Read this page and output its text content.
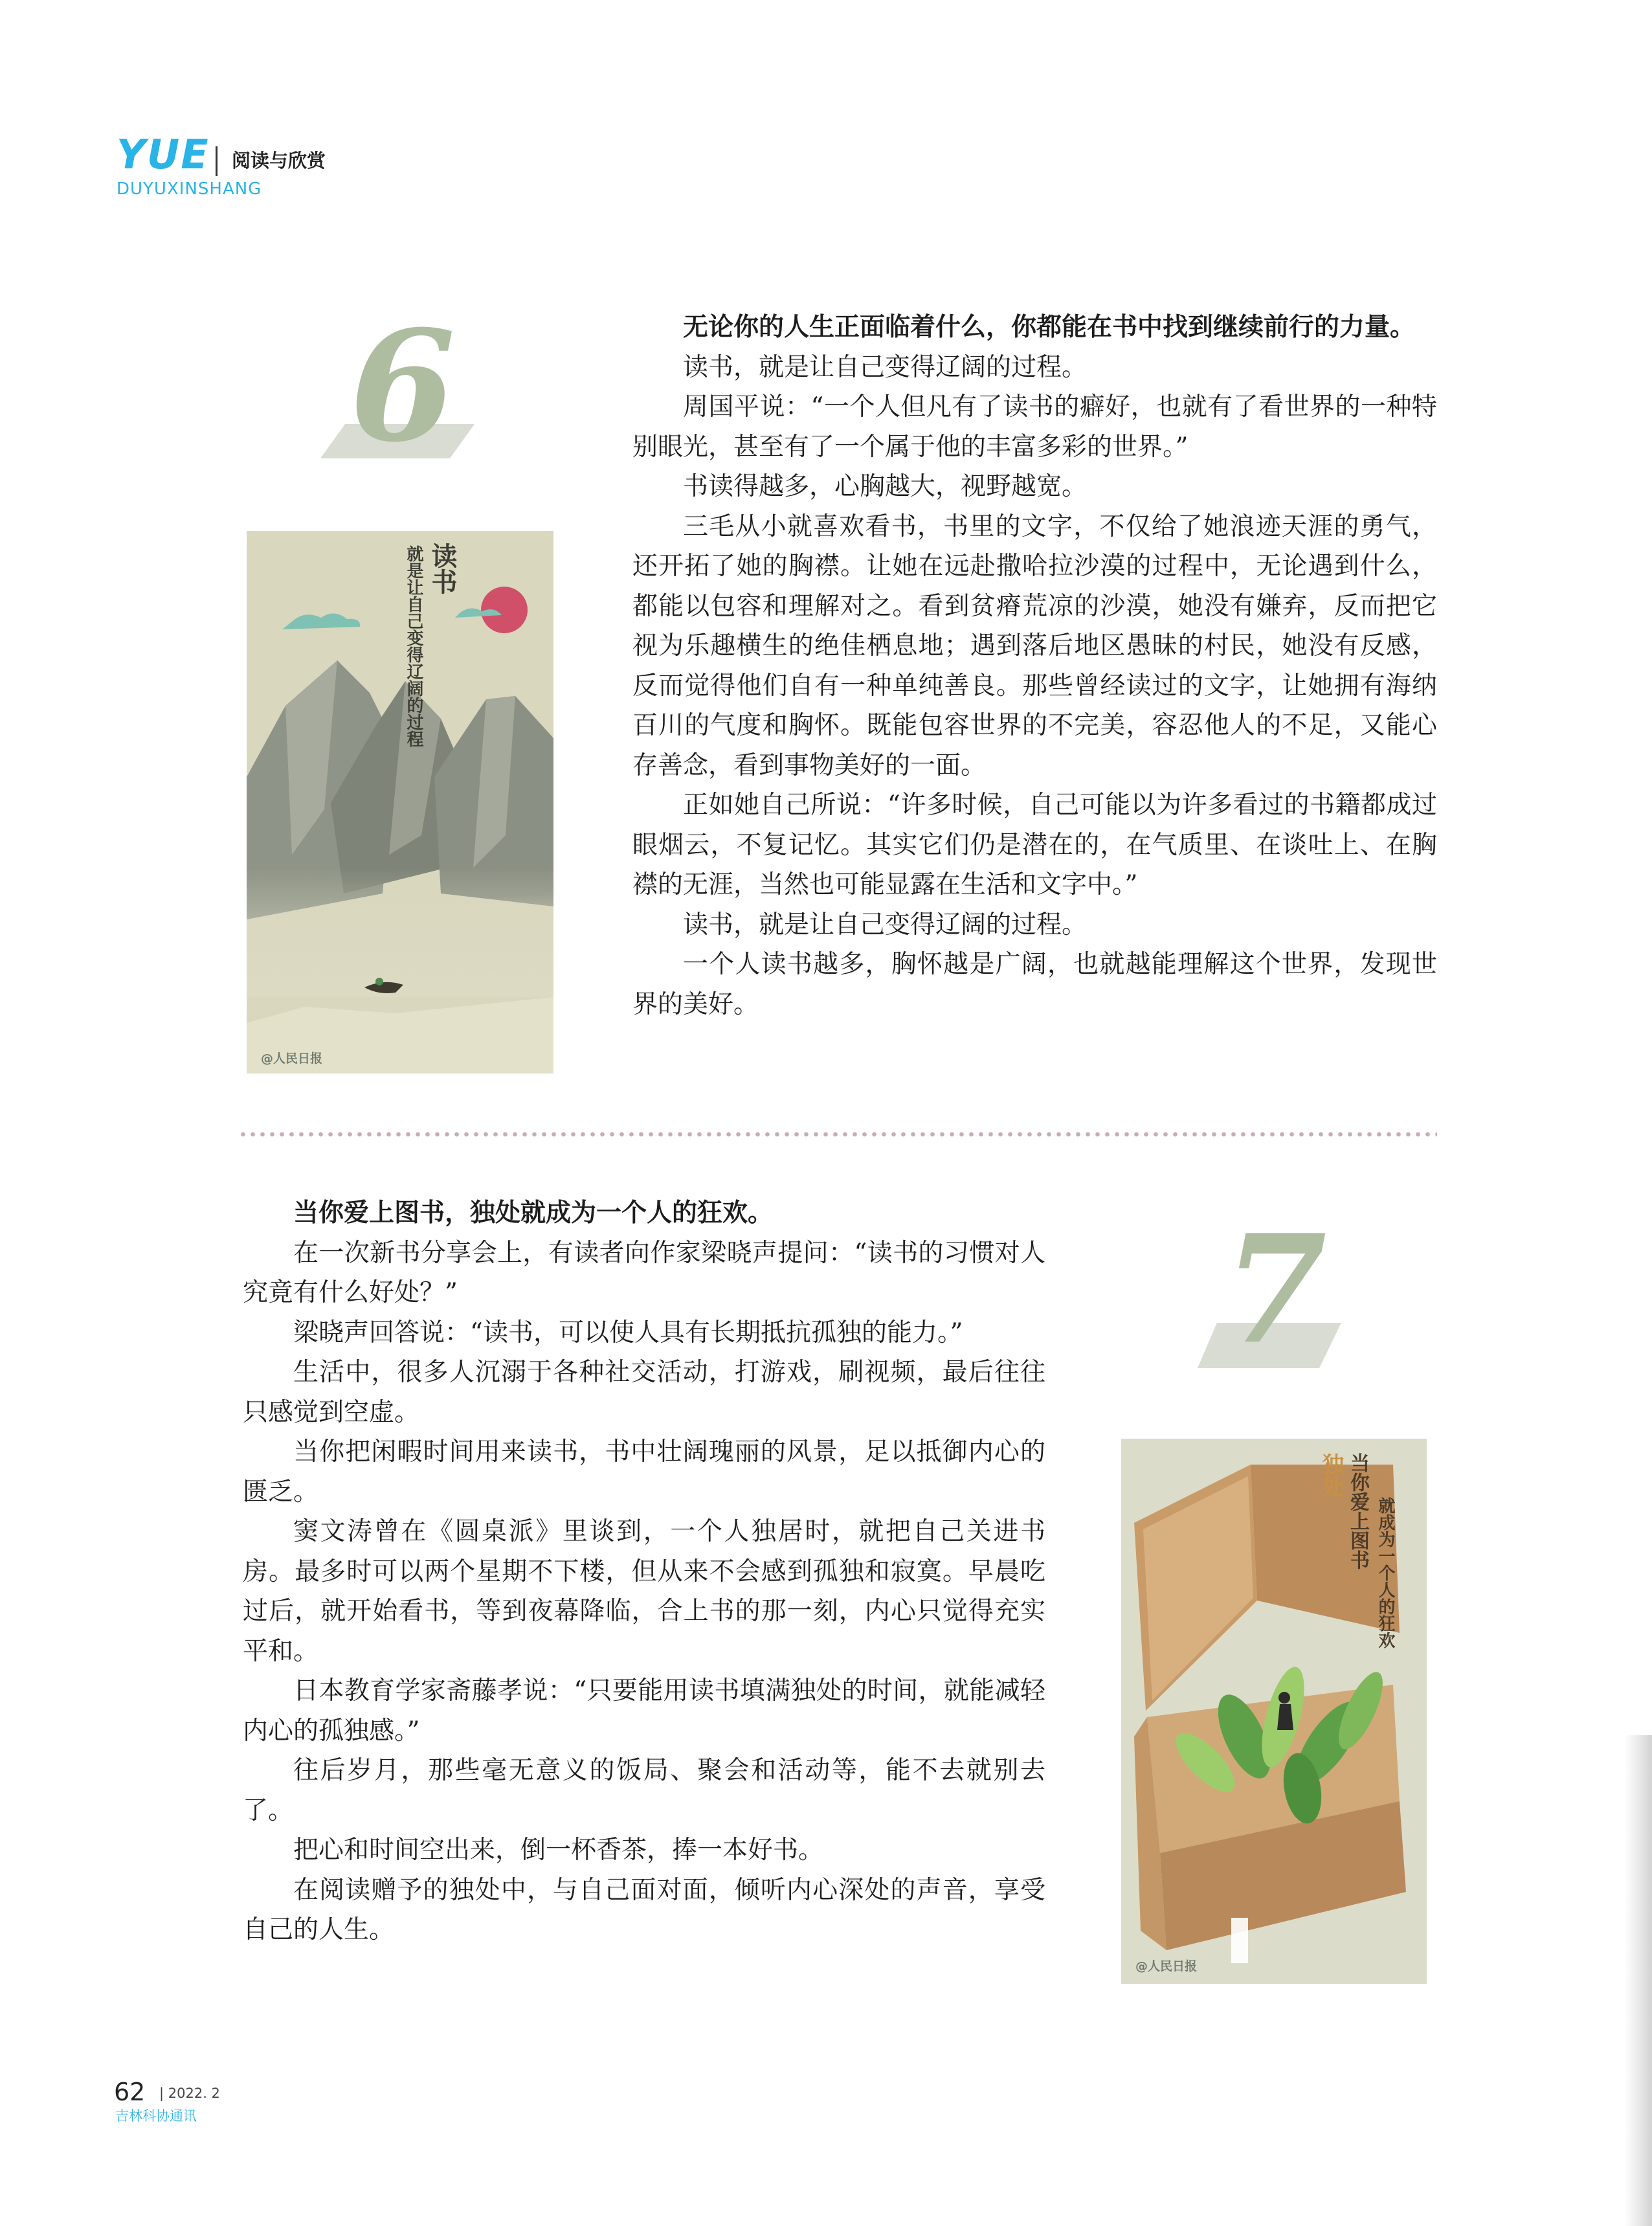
YUE 阅读与欣赏
DUYUXINSHANG
6
读书
就是让自己变得辽阔的过程
@人民日报

无论你的人生正面临着什么，你都能在书中找到继续前行的力量。

读书，就是让自己变得辽阔的过程。

周国平说：“一个人但凡有了读书的癖好，也就有了看世界的一种特别眼光，甚至有了一个属于他的丰富多彩的世界。”

书读得越多，心胸越大，视野越宽。

三毛从小就喜欢看书，书里的文字，不仅给了她浪迹天涯的勇气，还开拓了她的胸襟。让她在远赴撒哈拉沙漠的过程中，无论遇到什么，都能以包容和理解对之。看到贫瘠荒凉的沙漠，她没有嫌弃，反而把它视为乐趣横生的绝佳栖息地；遇到落后地区愚昧的村民，她没有反感，反而觉得他们自有一种单纯善良。那些曾经读过的文字，让她拥有海纳百川的气度和胸怀。既能包容世界的不完美，容忍他人的不足，又能心存善念，看到事物美好的一面。

正如她自己所说：“许多时候，自己可能以为许多看过的书籍都成过眼烟云，不复记忆。其实它们仍是潜在的，在气质里、在谈吐上、在胸襟的无涯，当然也可能显露在生活和文字中。”

读书，就是让自己变得辽阔的过程。

一个人读书越多，胸怀越是广阔，也就越能理解这个世界，发现世界的美好。

当你爱上图书，独处就成为一个人的狂欢。

在一次新书分享会上，有读者向作家梁晓声提问：“读书的习惯对人究竟有什么好处？”

梁晓声回答说：“读书，可以使人具有长期抵抗孤独的能力。”

生活中，很多人沉溺于各种社交活动，打游戏，刷视频，最后往往只感觉到空虚。

当你把闲暇时间用来读书，书中壮阔瑰丽的风景，足以抵御内心的匮乏。

窦文涛曾在《圆桌派》里谈到，一个人独居时，就把自己关进书房。最多时可以两个星期不下楼，但从来不会感到孤独和寂寞。早晨吃过后，就开始看书，等到夜幕降临，合上书的那一刻，内心只觉得充实平和。

日本教育学家斋藤孝说：“只要能用读书填满独处的时间，就能减轻内心的孤独感。”

往后岁月，那些毫无意义的饭局、聚会和活动等，能不去就别去了。

把心和时间空出来，倒一杯香茶，捧一本好书。

在阅读赠予的独处中，与自己面对面，倾听内心深处的声音，享受自己的人生。

7
当你爱上图书
独处
就成为一个人的狂欢
@人民日报
62 | 2022. 2
吉林科协通讯
